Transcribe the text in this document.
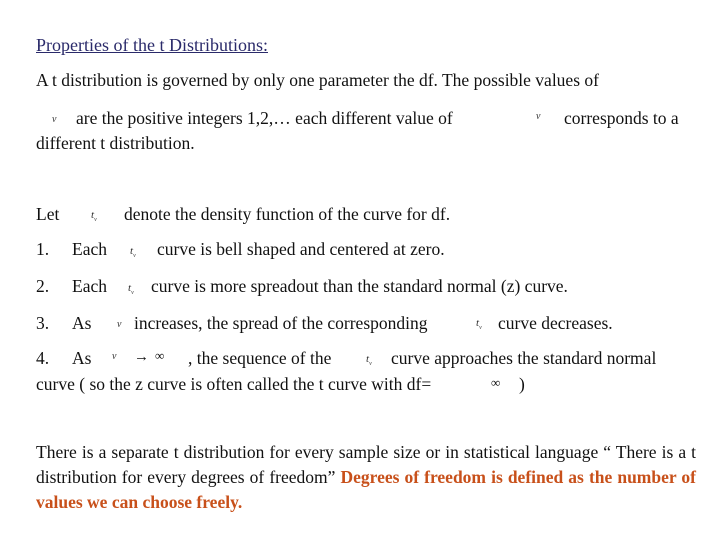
Properties of the t Distributions:
A t distribution is governed by only one parameter the df. The possible values of
ν are the positive integers 1,2,… each different value of	ν corresponds to a
different t distribution.
Let	$t_\nu$ denote the density function of the curve for df.
1. Each $t_\nu$ curve is bell shaped and centered at zero.
2. Each $t_\nu$ curve is more spreadout than the standard normal (z) curve.
3. As	ν increases, the spread of the corresponding	$t_\nu$ curve decreases.
4. As ν → ∞ , the sequence of the	$t_\nu$ curve approaches the standard normal
curve ( so the z curve is often called the t curve with df=	∞ )
There is a separate t distribution for every sample size or in statistical language “ There is a t distribution for every degrees of freedom” Degrees of freedom is defined as the number of values we can choose freely.
